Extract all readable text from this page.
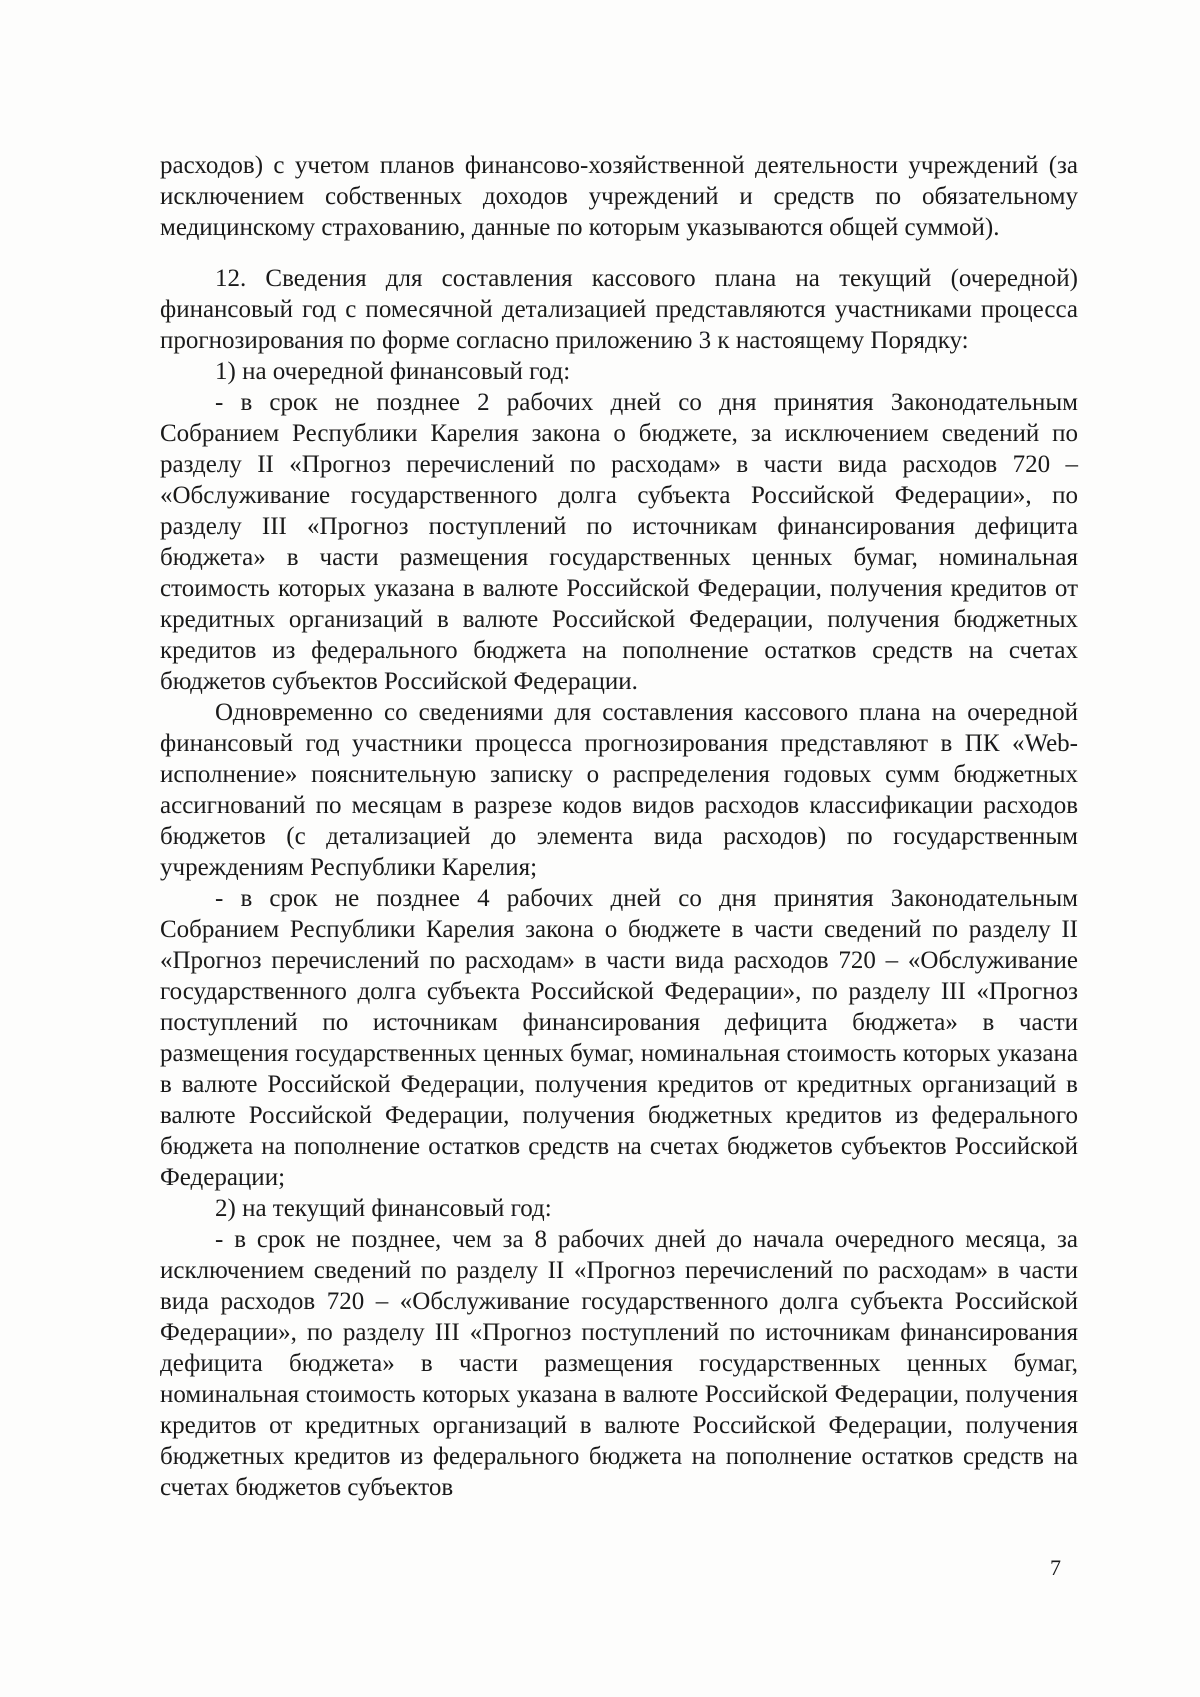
расходов) с учетом планов финансово-хозяйственной деятельности учреждений (за исключением собственных доходов учреждений и средств по обязательному медицинскому страхованию, данные по которым указываются общей суммой).

12. Сведения для составления кассового плана на текущий (очередной) финансовый год с помесячной детализацией представляются участниками процесса прогнозирования по форме согласно приложению 3 к настоящему Порядку:

1) на очередной финансовый год:

- в срок не позднее 2 рабочих дней со дня принятия Законодательным Собранием Республики Карелия закона о бюджете, за исключением сведений по разделу II «Прогноз перечислений по расходам» в части вида расходов 720 – «Обслуживание государственного долга субъекта Российской Федерации», по разделу III «Прогноз поступлений по источникам финансирования дефицита бюджета» в части размещения государственных ценных бумаг, номинальная стоимость которых указана в валюте Российской Федерации, получения кредитов от кредитных организаций в валюте Российской Федерации, получения бюджетных кредитов из федерального бюджета на пополнение остатков средств на счетах бюджетов субъектов Российской Федерации.

Одновременно со сведениями для составления кассового плана на очередной финансовый год участники процесса прогнозирования представляют в ПК «Web-исполнение» пояснительную записку о распределения годовых сумм бюджетных ассигнований по месяцам в разрезе кодов видов расходов классификации расходов бюджетов (с детализацией до элемента вида расходов) по государственным учреждениям Республики Карелия;

- в срок не позднее 4 рабочих дней со дня принятия Законодательным Собранием Республики Карелия закона о бюджете в части сведений по разделу II «Прогноз перечислений по расходам» в части вида расходов 720 – «Обслуживание государственного долга субъекта Российской Федерации», по разделу III «Прогноз поступлений по источникам финансирования дефицита бюджета» в части размещения государственных ценных бумаг, номинальная стоимость которых указана в валюте Российской Федерации, получения кредитов от кредитных организаций в валюте Российской Федерации, получения бюджетных кредитов из федерального бюджета на пополнение остатков средств на счетах бюджетов субъектов Российской Федерации;

2) на текущий финансовый год:

- в срок не позднее, чем за 8 рабочих дней до начала очередного месяца, за исключением сведений по разделу II «Прогноз перечислений по расходам» в части вида расходов 720 – «Обслуживание государственного долга субъекта Российской Федерации», по разделу III «Прогноз поступлений по источникам финансирования дефицита бюджета» в части размещения государственных ценных бумаг, номинальная стоимость которых указана в валюте Российской Федерации, получения кредитов от кредитных организаций в валюте Российской Федерации, получения бюджетных кредитов из федерального бюджета на пополнение остатков средств на счетах бюджетов субъектов

7
